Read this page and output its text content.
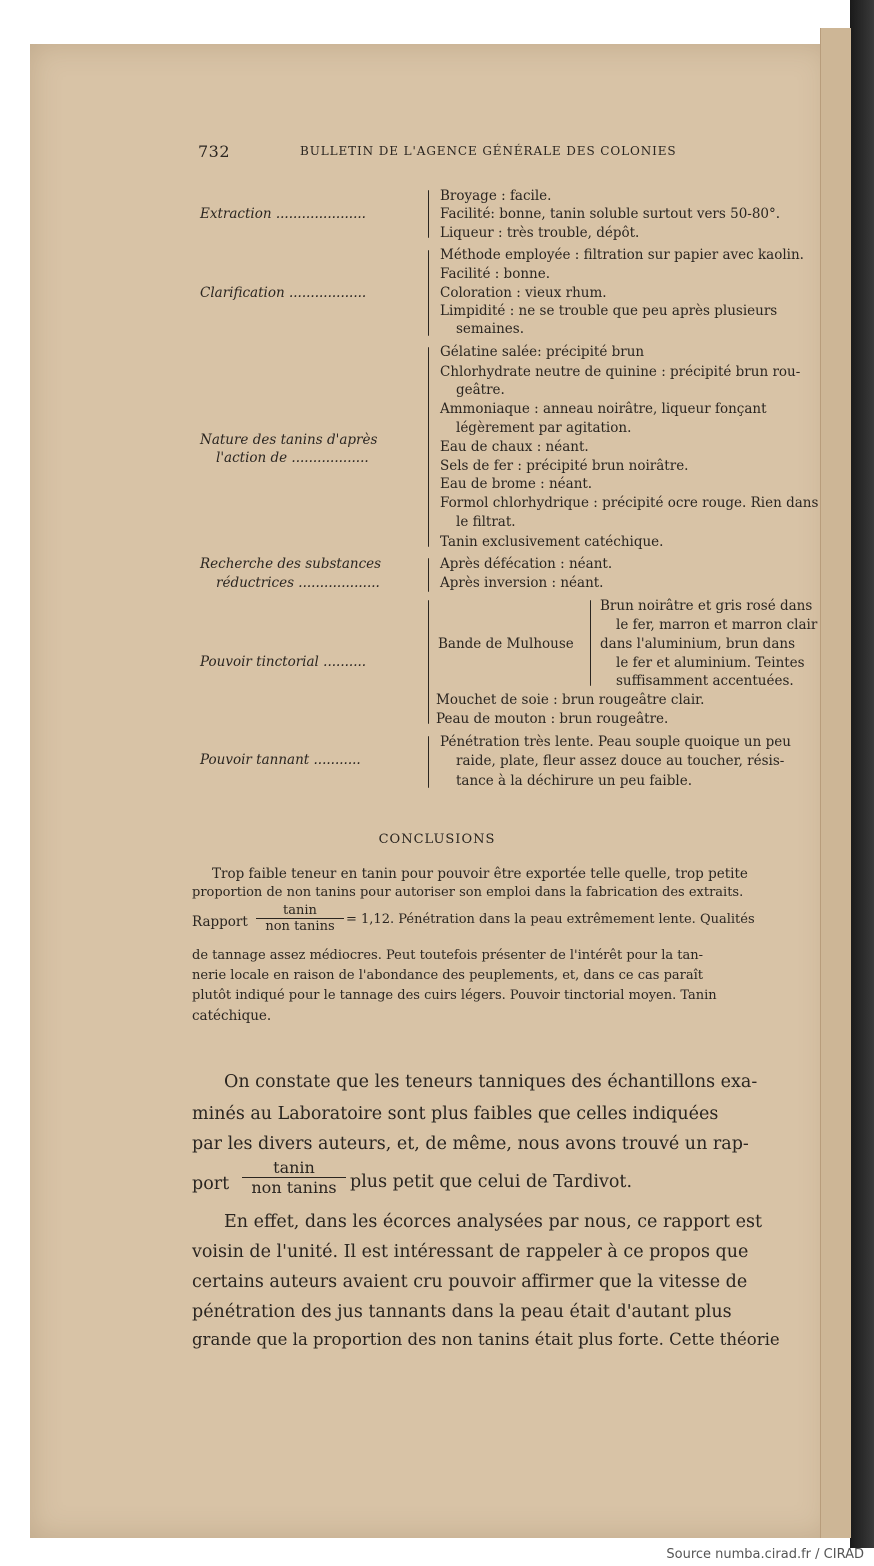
732	BULLETIN DE L'AGENCE GÉNÉRALE DES COLONIES
Extraction .....................
Broyage : facile.
Facilité: bonne, tanin soluble surtout vers 50-80°.
Liqueur : très trouble, dépôt.
Clarification ..................
Méthode employée : filtration sur papier avec kaolin.
Facilité : bonne.
Coloration : vieux rhum.
Limpidité : ne se trouble que peu après plusieurs
semaines.
Nature des tanins d'après
l'action de ..................
Gélatine salée: précipité brun
Chlorhydrate neutre de quinine : précipité brun rou-
geâtre.
Ammoniaque : anneau noirâtre, liqueur fonçant
légèrement par agitation.
Eau de chaux : néant.
Sels de fer : précipité brun noirâtre.
Eau de brome : néant.
Formol chlorhydrique : précipité ocre rouge. Rien dans
le filtrat.
Tanin exclusivement catéchique.
Recherche des substances
réductrices ...................
Après défécation : néant.
Après inversion : néant.
Pouvoir tinctorial ..........
Bande de Mulhouse
Brun noirâtre et gris rosé dans
le fer, marron et marron clair
dans l'aluminium, brun dans
le fer et aluminium. Teintes
suffisamment accentuées.
Mouchet de soie : brun rougeâtre clair.
Peau de mouton : brun rougeâtre.
Pouvoir tannant ...........
Pénétration très lente. Peau souple quoique un peu
raide, plate, fleur assez douce au toucher, résis-
tance à la déchirure un peu faible.
CONCLUSIONS
Trop faible teneur en tanin pour pouvoir être exportée telle quelle, trop petite
proportion de non tanins pour autoriser son emploi dans la fabrication des extraits.
Rapport
tanin
non tanins = 1,12. Pénétration dans la peau extrêmement lente. Qualités
de tannage assez médiocres. Peut toutefois présenter de l'intérêt pour la tan-
nerie locale en raison de l'abondance des peuplements, et, dans ce cas paraît
plutôt indiqué pour le tannage des cuirs légers. Pouvoir tinctorial moyen. Tanin
catéchique.
On constate que les teneurs tanniques des échantillons exa-
minés au Laboratoire sont plus faibles que celles indiquées
par les divers auteurs, et, de même, nous avons trouvé un rap-
port
tanin
non tanins plus petit que celui de Tardivot.
En effet, dans les écorces analysées par nous, ce rapport est
voisin de l'unité. Il est intéressant de rappeler à ce propos que
certains auteurs avaient cru pouvoir affirmer que la vitesse de
pénétration des jus tannants dans la peau était d'autant plus
grande que la proportion des non tanins était plus forte. Cette théorie
Source numba.cirad.fr / CIRAD
